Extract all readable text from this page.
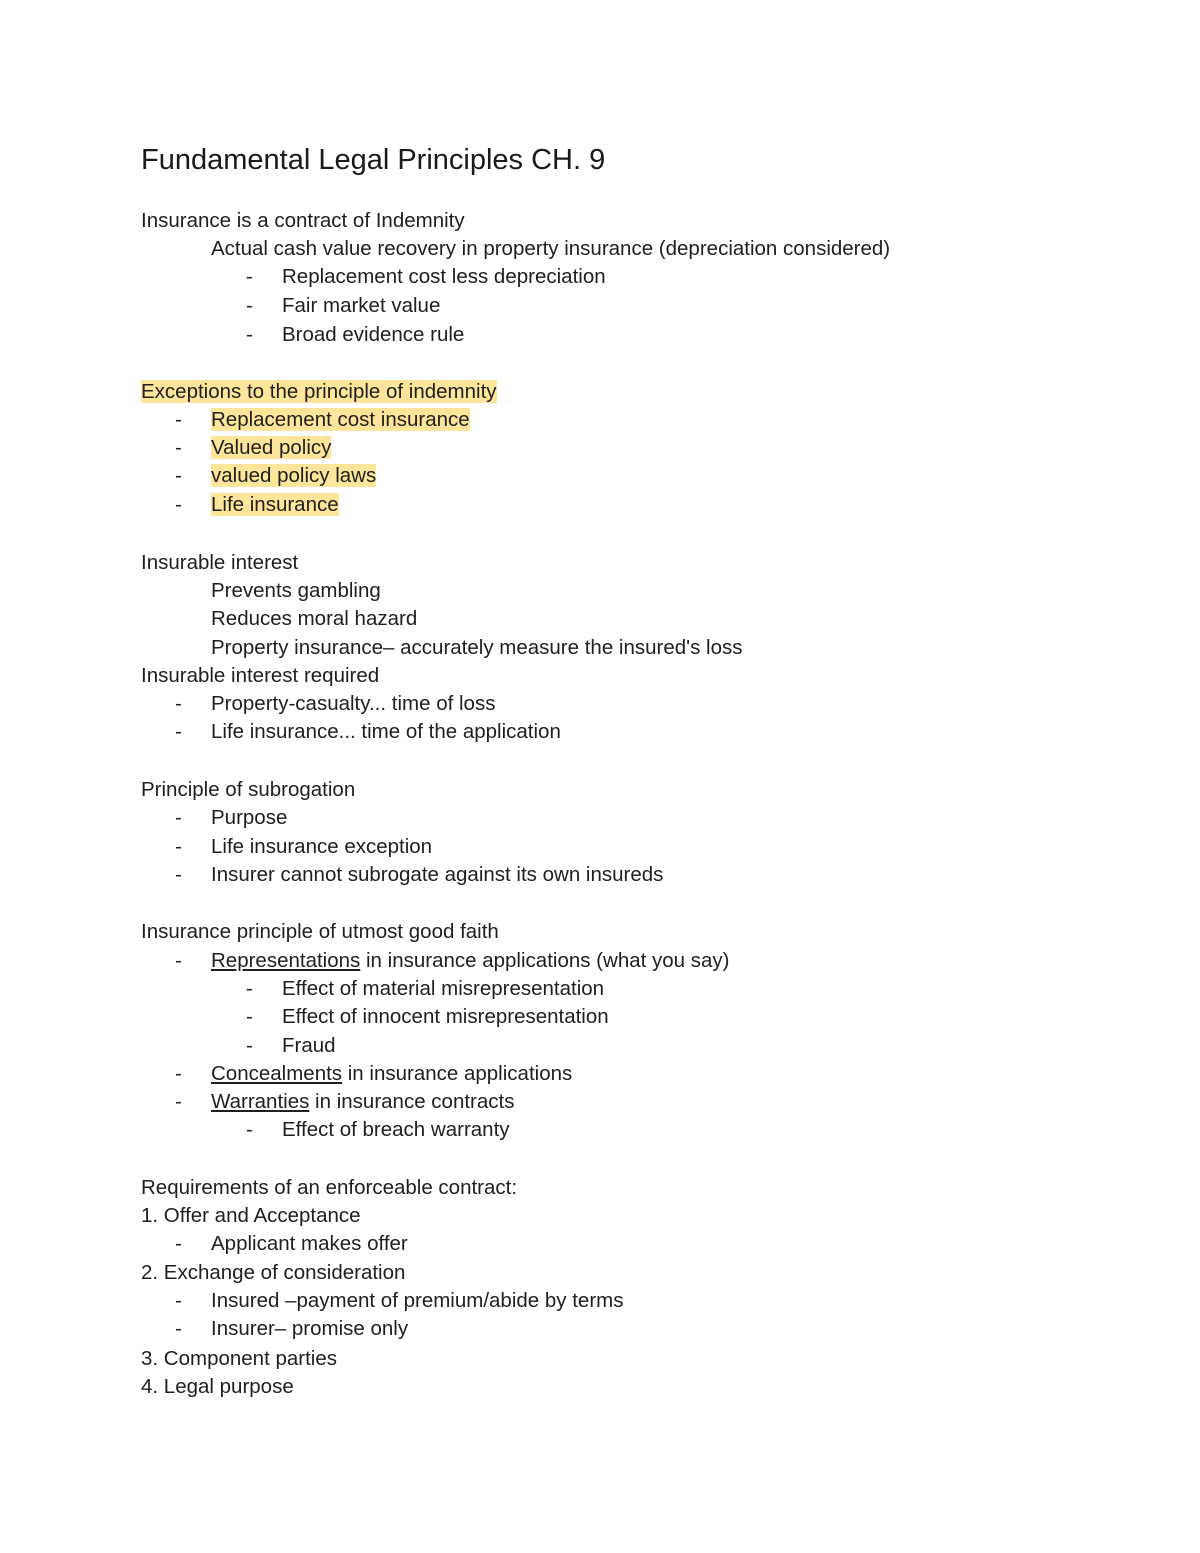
Fundamental Legal Principles CH. 9
Insurance is a contract of Indemnity
Actual cash value recovery in property insurance (depreciation considered)
- Replacement cost less depreciation
- Fair market value
- Broad evidence rule
Exceptions to the principle of indemnity
- Replacement cost insurance
- Valued policy
- valued policy laws
- Life insurance
Insurable interest
Prevents gambling
Reduces moral hazard
Property insurance– accurately measure the insured's loss
Insurable interest required
- Property-casualty... time of loss
- Life insurance... time of the application
Principle of subrogation
- Purpose
- Life insurance exception
- Insurer cannot subrogate against its own insureds
Insurance principle of utmost good faith
- Representations in insurance applications (what you say)
- Effect of material misrepresentation
- Effect of innocent misrepresentation
- Fraud
- Concealments in insurance applications
- Warranties in insurance contracts
- Effect of breach warranty
Requirements of an enforceable contract:
1. Offer and Acceptance
- Applicant makes offer
2. Exchange of consideration
- Insured –payment of premium/abide by terms
- Insurer– promise only
3. Component parties
4. Legal purpose
